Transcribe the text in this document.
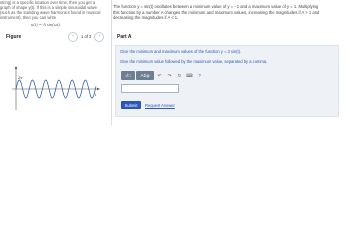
string) is a specific location over time, then you get a graph of shape y(t). If this is a simple sinusoidal wave (such as the standing wave harmonics found in musical instrument), then you can write

u(t) = A sin(ωt).
The function y = sin(t) oscillates between a minimum value of y = −1 and a maximum value of y = 1. Multiplying
this function by a number A changes the minimum and maximum values, increasing the magnitudes if A > 1 and
decreasing the magnitudes if A < 1.
Figure	‹	1 of 2	›
2π
t
Part A
Give the minimum and maximum values of the function y = 3 sin(t).
Give the minimum value followed by the maximum value, separated by a comma.
√□	AΣφ	↶	↷	↻	⌨	?
Submit	Request Answer
